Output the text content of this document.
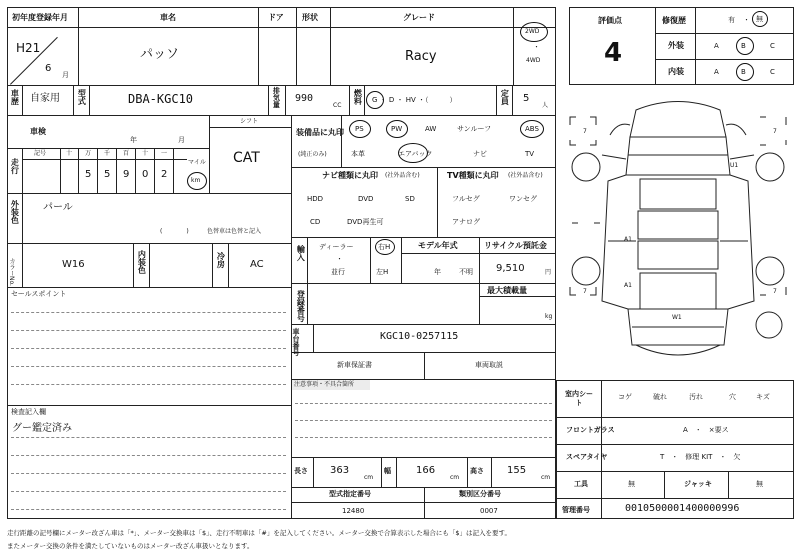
初年度登録年月
H21
6
月
車名
パッソ
ドア 形状	グレード
Racy
2WD
・
4WD
評価点
4
修復歴	有 ・ 無
外装	A	B	C
内装	A	B	C
車歴 自家用 型式	DBA-KGC10	排気量 990
CC
燃料 G ・ D ・ HV ・（　　　）	定員 5
人
車検
年	月
シフト
CAT
走行
記号	十 万 千 百 十 一
マイル
5 5 9 0 2
km
外装色 パール
(　　　　)	色替車は色替と記入
カラーNo.	W16	内装色	冷房 AC
セールスポイント
検査記入欄
グー鑑定済み
装備品に丸印
(純正のみ)
PS	PW	AW	サンルーフ	ABS
本革	エアバック	ナビ	TV
ナビ種類に丸印 (社外品含む)
HDD	DVD	SD
CD	DVD再生可
TV種類に丸印 (社外品含む)
フルセグ	ワンセグ
アナログ
輸入 ディーラー
・
並行
右H
左H
モデル年式
年	不明
リサイクル預託金
9,510	円
登録番号	最大積載量
kg
車台番号	KGC10-0257115
新車保証書	車両取説
注意事項・不具合箇所
長さ 363
cm
幅	166
cm
高さ 155
cm
型式指定番号
12480
類別区分番号
0007
室内シート
コゲ	破れ	汚れ	穴	キズ
フロントガラス	A　・　×要ス
スペアタイヤ	T　・　修理 KIT　・　欠
工具	無	ジャッキ	無
管理番号	0010500001400000996
A1
A1
U1
W1
7	7
7	7
走行距離の記号欄にメーター改ざん車は「*」、メーター交換車は「$」、走行不明車は「#」を記入してください。メーター交換で合算表示した場合にも「$」は記入を要す。
またメーター交換の条件を満たしていないものはメーター改ざん車扱いとなります。
